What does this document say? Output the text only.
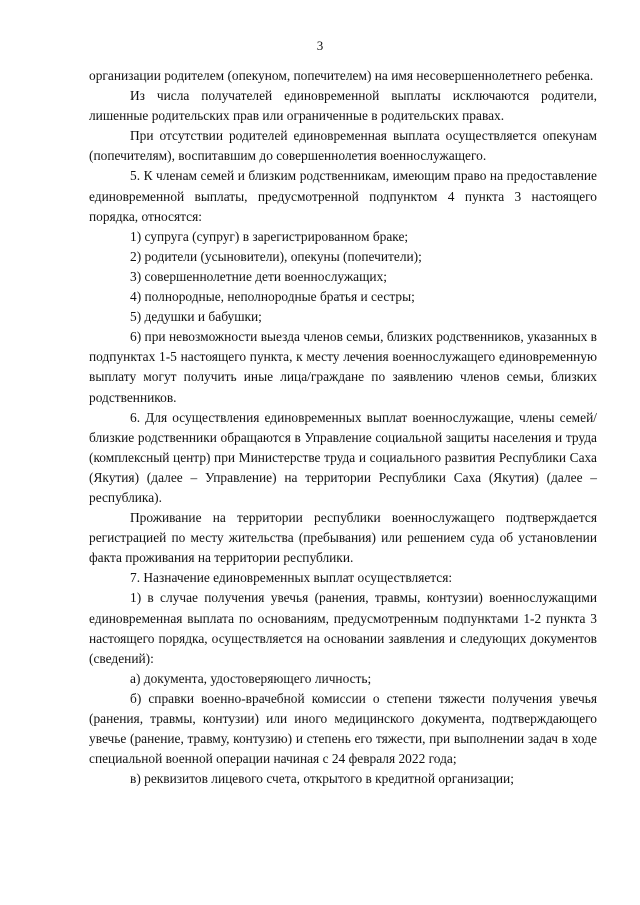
3

организации родителем (опекуном, попечителем) на имя несовершеннолетнего ребенка.

Из числа получателей единовременной выплаты исключаются родители, лишенные родительских прав или ограниченные в родительских правах.

При отсутствии родителей единовременная выплата осуществляется опекунам (попечителям), воспитавшим до совершеннолетия военнослужащего.

5. К членам семей и близким родственникам, имеющим право на предоставление единовременной выплаты, предусмотренной подпунктом 4 пункта 3 настоящего порядка, относятся:

1) супруга (супруг) в зарегистрированном браке;

2) родители (усыновители), опекуны (попечители);

3) совершеннолетние дети военнослужащих;

4) полнородные, неполнородные братья и сестры;

5) дедушки и бабушки;

6) при невозможности выезда членов семьи, близких родственников, указанных в подпунктах 1-5 настоящего пункта, к месту лечения военнослужащего единовременную выплату могут получить иные лица/граждане по заявлению членов семьи, близких родственников.

6. Для осуществления единовременных выплат военнослужащие, члены семей/близкие родственники обращаются в Управление социальной защиты населения и труда (комплексный центр) при Министерстве труда и социального развития Республики Саха (Якутия) (далее – Управление) на территории Республики Саха (Якутия) (далее – республика).

Проживание на территории республики военнослужащего подтверждается регистрацией по месту жительства (пребывания) или решением суда об установлении факта проживания на территории республики.

7. Назначение единовременных выплат осуществляется:

1) в случае получения увечья (ранения, травмы, контузии) военнослужащими единовременная выплата по основаниям, предусмотренным подпунктами 1-2 пункта 3 настоящего порядка, осуществляется на основании заявления и следующих документов (сведений):

а) документа, удостоверяющего личность;

б) справки военно-врачебной комиссии о степени тяжести получения увечья (ранения, травмы, контузии) или иного медицинского документа, подтверждающего увечье (ранение, травму, контузию) и степень его тяжести, при выполнении задач в ходе специальной военной операции начиная с 24 февраля 2022 года;

в) реквизитов лицевого счета, открытого в кредитной организации;
